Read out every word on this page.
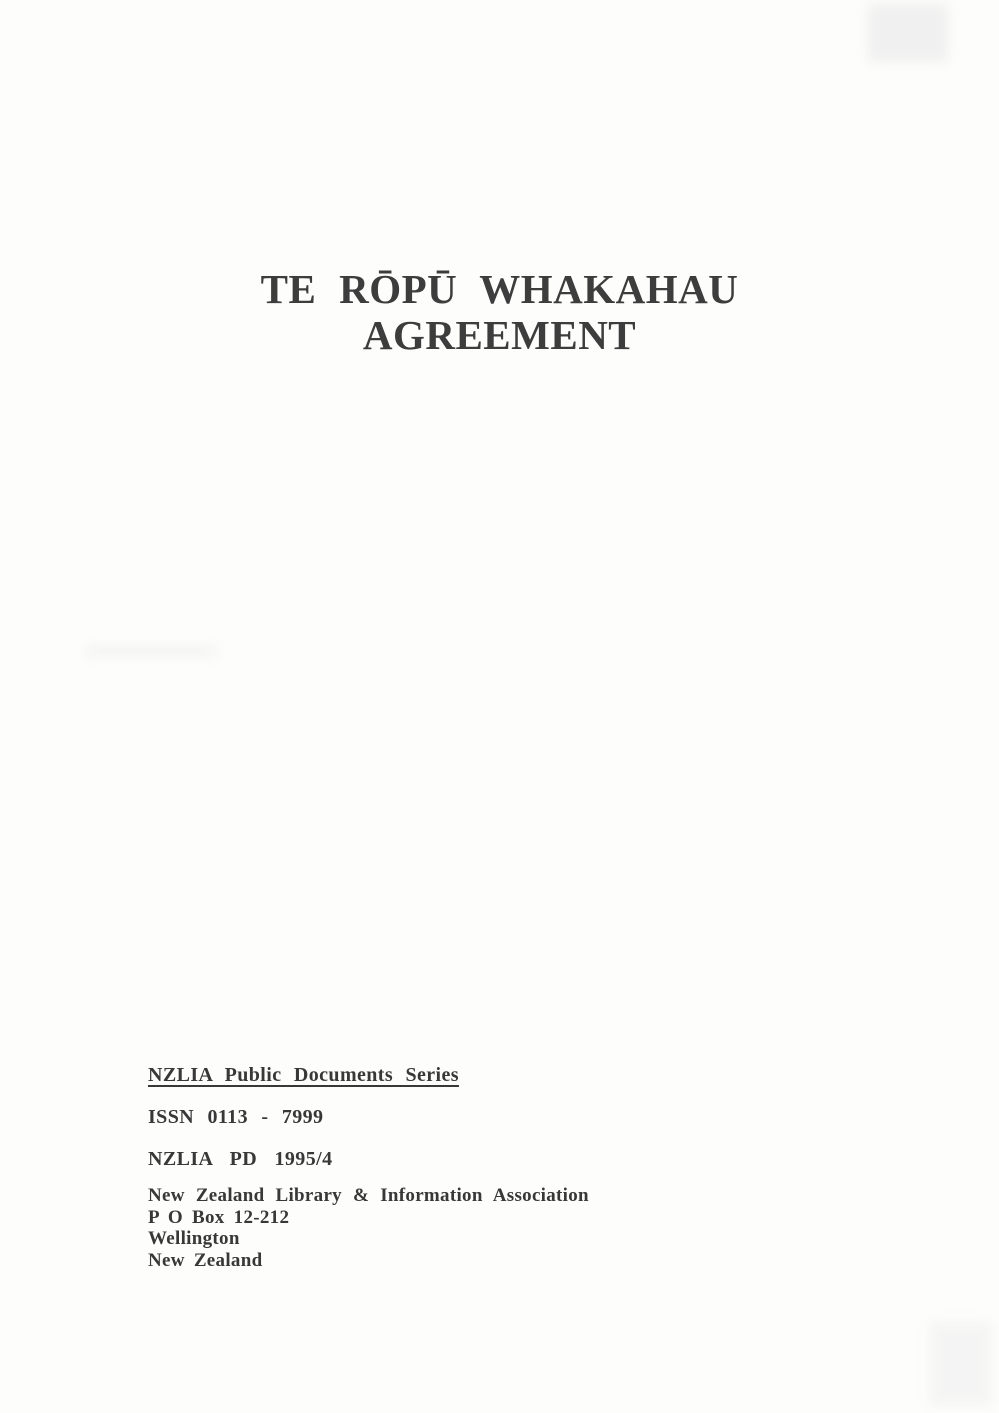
TE RŌPŪ WHAKAHAU
AGREEMENT
NZLIA Public Documents Series
ISSN 0113 - 7999
NZLIA PD 1995/4
New Zealand Library & Information Association
P O Box 12-212
Wellington
New Zealand
